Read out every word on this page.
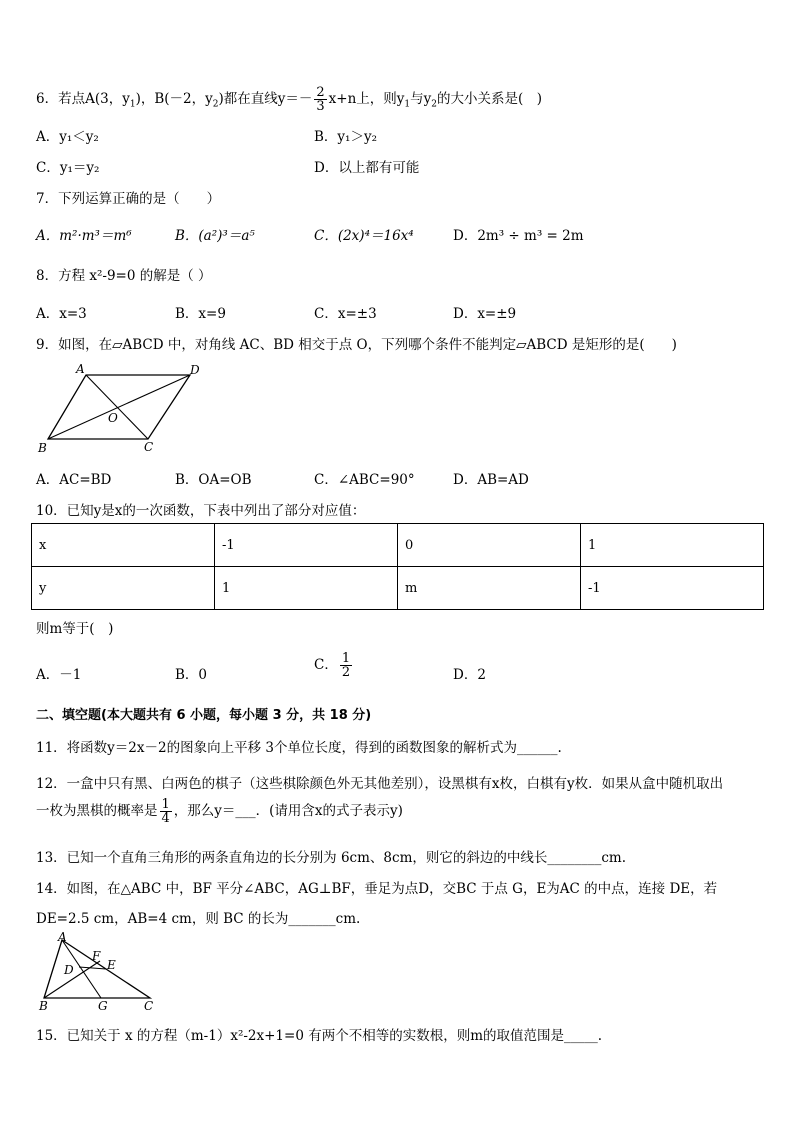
6．若点A(3，$y_1$)，B(－2，$y_2$)都在直线$y=- \frac{2}{3} x+n$上，则$y_1$与$y_2$的大小关系是(　)
A．y₁＜y₂	B．y₁＞y₂
C．y₁＝y₂	D．以上都有可能
7．下列运算正确的是（　　）
A．m²·m³＝m⁶	B．(a²)³＝a⁵	C．(2x)⁴＝16x⁴	D．2m³ ÷ m³ = 2m
8．方程 x²-9=0 的解是（ ）
A．x=3	B．x=9	C．x=±3	D．x=±9
9．如图，在▱ABCD 中，对角线 AC、BD 相交于点 O，下列哪个条件不能判定▱ABCD 是矩形的是(　　)
A	D
O
B	C
A．AC=BD	B．OA=OB	C．∠ABC=90°	D．AB=AD
10．已知y是x的一次函数，下表中列出了部分对应值：
x	-1	0	1
y	1	m	-1
则m等于(　)
A．－1	B．0
C． $\frac{1}{2}$	D．2
二、填空题(本大题共有 6 小题，每小题 3 分，共 18 分)
11．将函数y＝2x－2的图象向上平移 3个单位长度，得到的函数图象的解析式为______.
12．一盒中只有黑、白两色的棋子（这些棋除颜色外无其他差别），设黑棋有x枚，白棋有y枚．如果从盒中随机取出
一枚为黑棋的概率是 $\frac{1}{4}$ ，那么y＝___．(请用含x的式子表示y)
13．已知一个直角三角形的两条直角边的长分别为 6cm、8cm，则它的斜边的中线长________cm.
14．如图，在△ABC 中，BF 平分∠ABC，AG⊥BF，垂足为点D，交BC 于点 G，E为AC 的中点，连接 DE，若
DE=2.5 cm，AB=4 cm，则 BC 的长为_______cm.
A
F
E
D
B	G	C
15．已知关于 x 的方程（m-1）x²-2x+1=0 有两个不相等的实数根，则m的取值范围是_____.
